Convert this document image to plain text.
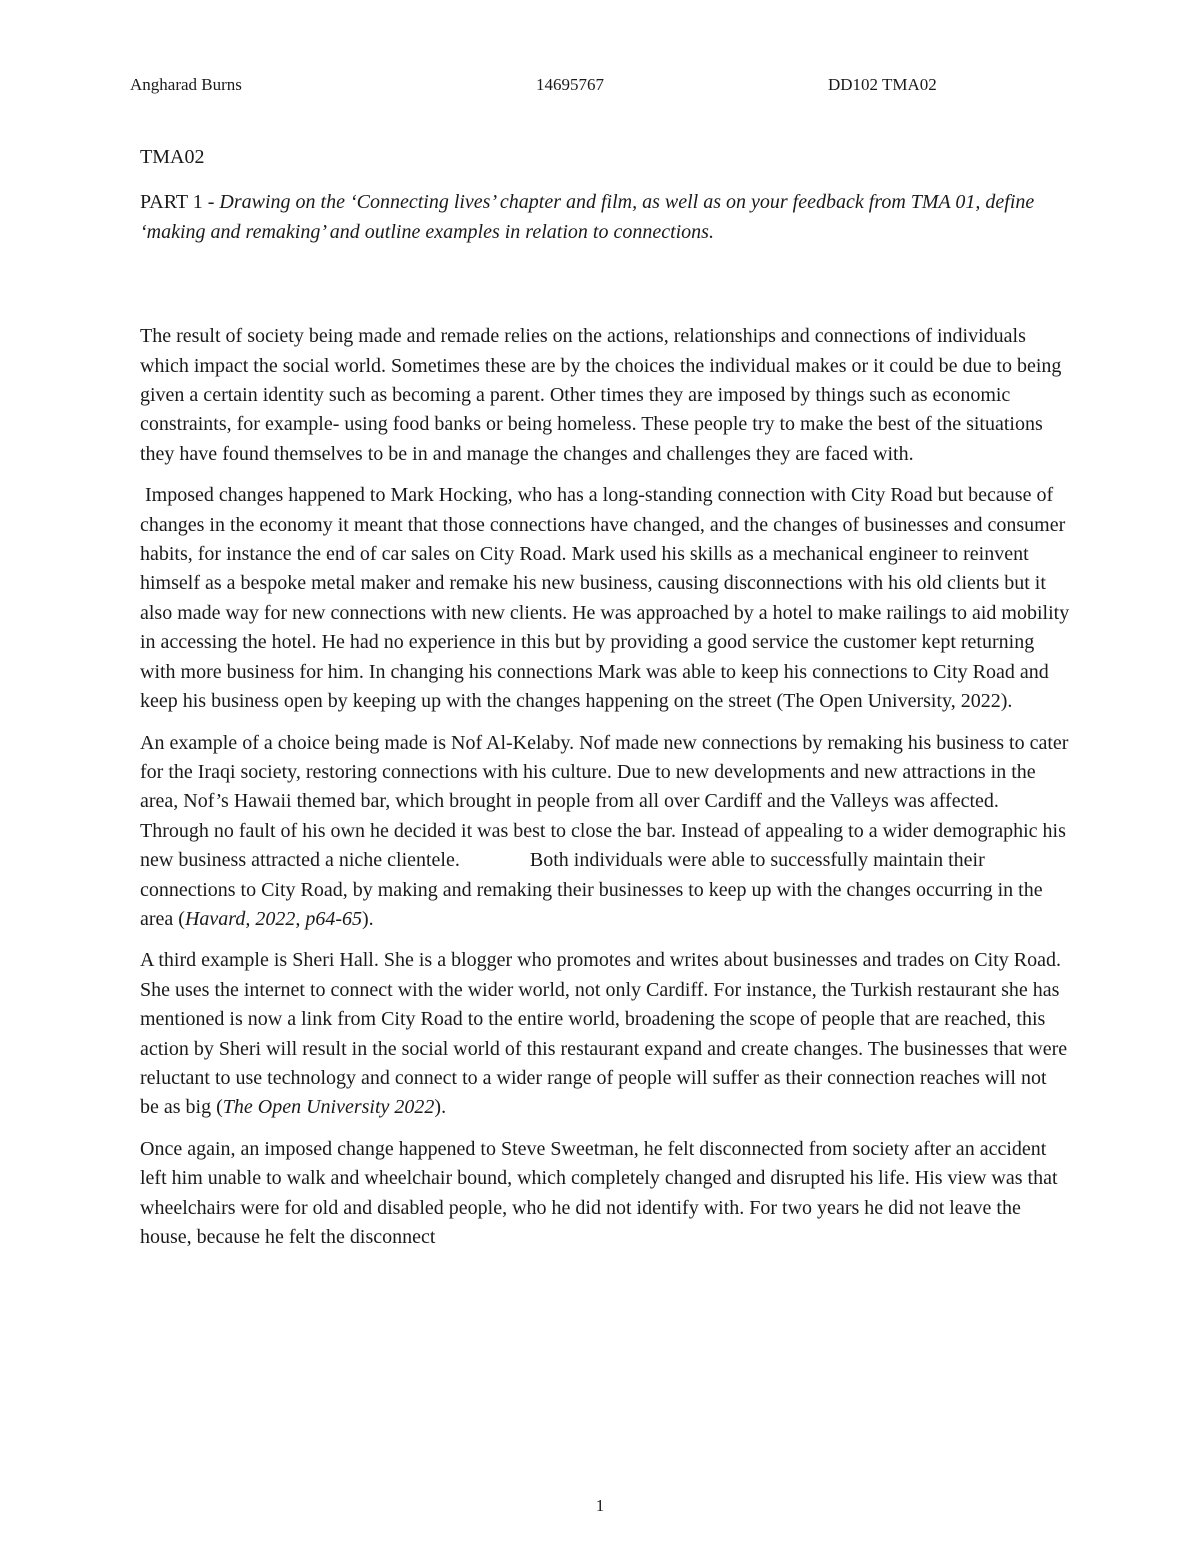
Angharad Burns	14695767	DD102 TMA02

TMA02

PART 1 - Drawing on the ‘Connecting lives’ chapter and film, as well as on your feedback from TMA 01, define ‘making and remaking’ and outline examples in relation to connections.

The result of society being made and remade relies on the actions, relationships and connections of individuals which impact the social world. Sometimes these are by the choices the individual makes or it could be due to being given a certain identity such as becoming a parent. Other times they are imposed by things such as economic constraints, for example- using food banks or being homeless. These people try to make the best of the situations they have found themselves to be in and manage the changes and challenges they are faced with.

Imposed changes happened to Mark Hocking, who has a long-standing connection with City Road but because of changes in the economy it meant that those connections have changed, and the changes of businesses and consumer habits, for instance the end of car sales on City Road. Mark used his skills as a mechanical engineer to reinvent himself as a bespoke metal maker and remake his new business, causing disconnections with his old clients but it also made way for new connections with new clients. He was approached by a hotel to make railings to aid mobility in accessing the hotel. He had no experience in this but by providing a good service the customer kept returning with more business for him. In changing his connections Mark was able to keep his connections to City Road and keep his business open by keeping up with the changes happening on the street (The Open University, 2022).

An example of a choice being made is Nof Al-Kelaby. Nof made new connections by remaking his business to cater for the Iraqi society, restoring connections with his culture. Due to new developments and new attractions in the area, Nof’s Hawaii themed bar, which brought in people from all over Cardiff and the Valleys was affected. Through no fault of his own he decided it was best to close the bar. Instead of appealing to a wider demographic his new business attracted a niche clientele.	Both individuals were able to successfully maintain their connections to City Road, by making and remaking their businesses to keep up with the changes occurring in the area (Havard, 2022, p64-65).

A third example is Sheri Hall. She is a blogger who promotes and writes about businesses and trades on City Road. She uses the internet to connect with the wider world, not only Cardiff. For instance, the Turkish restaurant she has mentioned is now a link from City Road to the entire world, broadening the scope of people that are reached, this action by Sheri will result in the social world of this restaurant expand and create changes. The businesses that were reluctant to use technology and connect to a wider range of people will suffer as their connection reaches will not be as big (The Open University 2022).

Once again, an imposed change happened to Steve Sweetman, he felt disconnected from society after an accident left him unable to walk and wheelchair bound, which completely changed and disrupted his life. His view was that wheelchairs were for old and disabled people, who he did not identify with. For two years he did not leave the house, because he felt the disconnect

1
